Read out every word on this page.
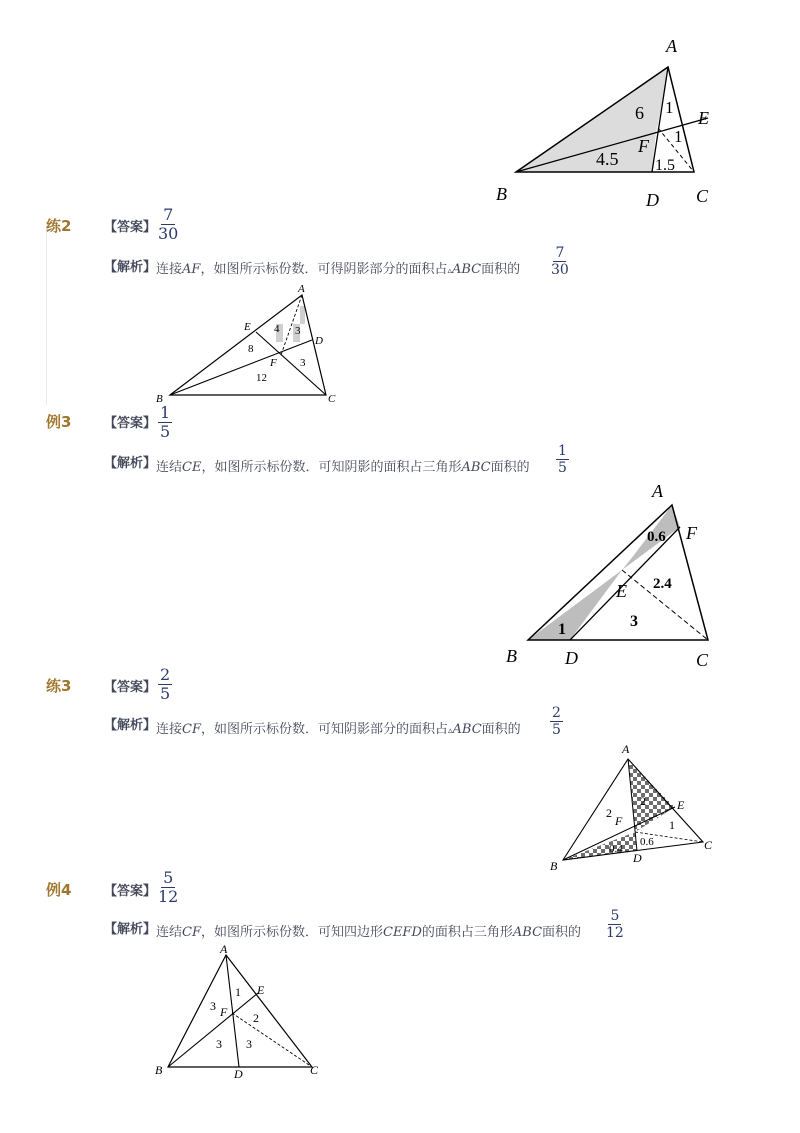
A
B	C
D
E
F
6 1
1
4.5 1.5
练2	【答案】 $\frac{7}{30}$
【解析】 连接AF，如图所示标份数．可得阴影部分的面积占▵ABC面积的 $\frac{7}{30}$
A
B	C
D
E
F
4 3
8
3
12
例3	【答案】 $\frac{1}{5}$
【解析】 连结CE，如图所示标份数．可知阴影的面积占三角形ABC面积的 $\frac{1}{5}$
A
B	C
D
E
F
0.6
2.4
1	3
练3	【答案】 $\frac{2}{5}$
【解析】 连接CF，如图所示标份数．可知阴影部分的面积占▵ABC面积的 $\frac{2}{5}$
A
B
C
D
E
F
2
2
1
0.6
0.4
例4	【答案】 $\frac{5}{12}$
【解析】 连结CF，如图所示标份数．可知四边形CEFD的面积占三角形ABC面积的 $\frac{5}{12}$
A
B	C
D
E
F
1
3
2
3 3
